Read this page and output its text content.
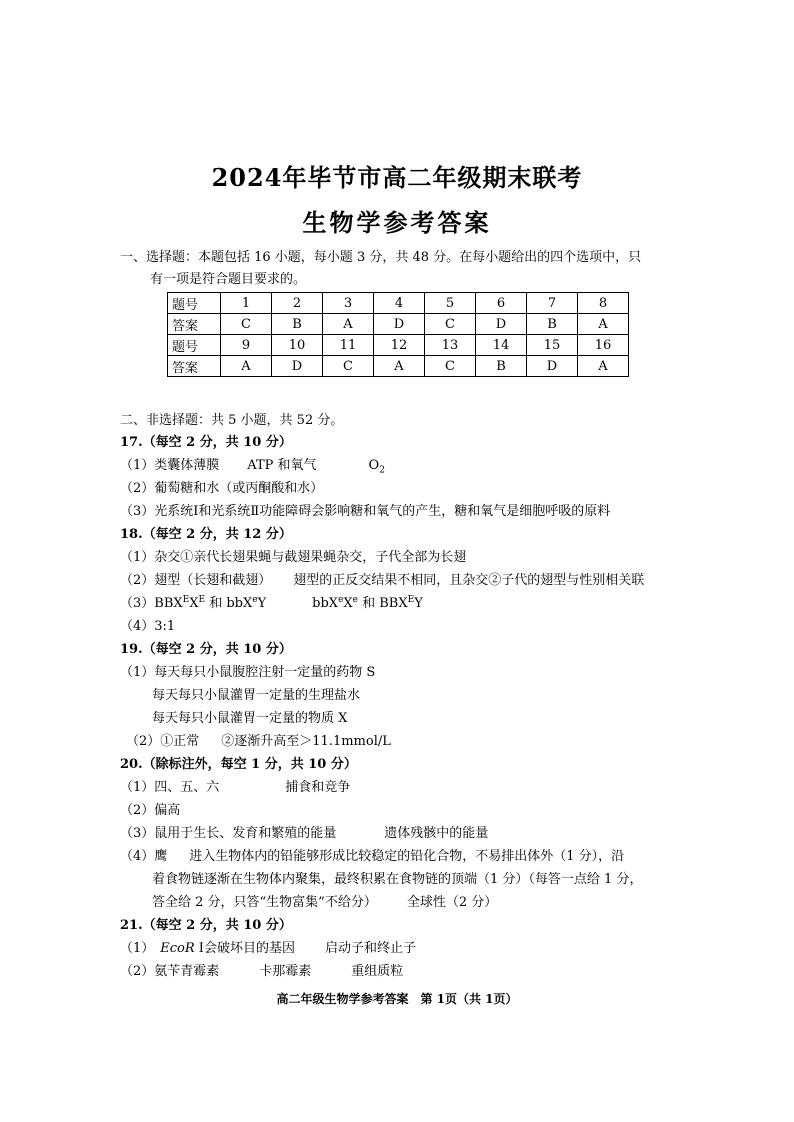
2024年毕节市高二年级期末联考
生物学参考答案
一、选择题：本题包括 16 小题，每小题 3 分，共 48 分。在每小题给出的四个选项中，只
有一项是符合题目要求的。
题号	1	2	3	4	5	6	7	8
答案	C	B	A	D	C	D	B	A
题号	9	10	11	12	13	14	15	16
答案	A	D	C	A	C	B	D	A
二、非选择题：共 5 小题，共 52 分。
17.（每空 2 分，共 10 分）
（1）类囊体薄膜 ATP 和氧气	$O_2$
（2）葡萄糖和水（或丙酮酸和水）
（3）光系统Ⅰ和光系统Ⅱ功能障碍会影响糖和氧气的产生，糖和氧气是细胞呼吸的原料
18.（每空 2 分，共 12 分）
（1）杂交①亲代长翅果蝇与截翅果蝇杂交，子代全部为长翅
（2）翅型（长翅和截翅） 翅型的正反交结果不相同，且杂交②子代的翅型与性别相关联
$(3)BBX^EX^E$ 和 bbX$^e$Y	bbX$^e$Xe 和 $BBX^EY$
（4）3:1
19.（每空 2 分，共 10 分）
（1）每天每只小鼠腹腔注射一定量的药物 S
每天每只小鼠灌胃一定量的生理盐水
每天每只小鼠灌胃一定量的物质 X
（2）①正常 ②逐渐升高至＞11.1mmol/L
20.（除标注外，每空 1 分，共 10 分）
（1）四、五、六	捕食和竞争
（2）偏高
（3）鼠用于生长、发育和繁殖的能量	遗体残骸中的能量
（4）鹰 进入生物体内的铅能够形成比较稳定的铅化合物，不易排出体外（1 分），沿
着食物链逐渐在生物体内聚集，最终积累在食物链的顶端（1 分）（每答一点给 1 分，
答全给 2 分，只答“生物富集”不给分） 全球性（2 分）
21.（每空 2 分，共 10 分）
（1） EcoR Ⅰ会破坏目的基因 启动子和终止子
（2）氨苄青霉素	卡那霉素	重组质粒
高二年级生物学参考答案　第 1页（共 1页）
